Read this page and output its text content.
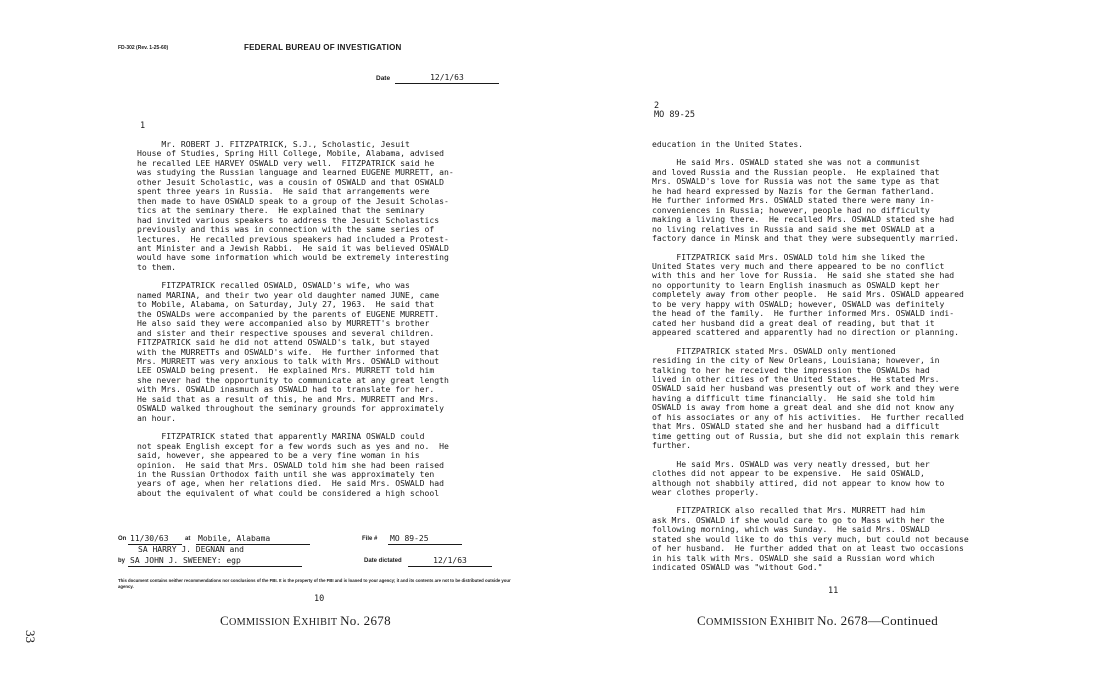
FD-302 (Rev. 1-25-60)	FEDERAL BUREAU OF INVESTIGATION
Date	12/1/63
1
Mr. ROBERT J. FITZPATRICK, S.J., Scholastic, Jesuit
House of Studies, Spring Hill College, Mobile, Alabama, advised
he recalled LEE HARVEY OSWALD very well.  FITZPATRICK said he
was studying the Russian language and learned EUGENE MURRETT, an-
other Jesuit Scholastic, was a cousin of OSWALD and that OSWALD
spent three years in Russia.  He said that arrangements were
then made to have OSWALD speak to a group of the Jesuit Scholas-
tics at the seminary there.  He explained that the seminary
had invited various speakers to address the Jesuit Scholastics
previously and this was in connection with the same series of
lectures.  He recalled previous speakers had included a Protest-
ant Minister and a Jewish Rabbi.  He said it was believed OSWALD
would have some information which would be extremely interesting
to them.
FITZPATRICK recalled OSWALD, OSWALD's wife, who was
named MARINA, and their two year old daughter named JUNE, came
to Mobile, Alabama, on Saturday, July 27, 1963.  He said that
the OSWALDs were accompanied by the parents of EUGENE MURRETT.
He also said they were accompanied also by MURRETT's brother
and sister and their respective spouses and several children.
FITZPATRICK said he did not attend OSWALD's talk, but stayed
with the MURRETTs and OSWALD's wife.  He further informed that
Mrs. MURRETT was very anxious to talk with Mrs. OSWALD without
LEE OSWALD being present.  He explained Mrs. MURRETT told him
she never had the opportunity to communicate at any great length
with Mrs. OSWALD inasmuch as OSWALD had to translate for her.
He said that as a result of this, he and Mrs. MURRETT and Mrs.
OSWALD walked throughout the seminary grounds for approximately
an hour.
FITZPATRICK stated that apparently MARINA OSWALD could
not speak English except for a few words such as yes and no.  He
said, however, she appeared to be a very fine woman in his
opinion.  He said that Mrs. OSWALD told him she had been raised
in the Russian Orthodox faith until she was approximately ten
years of age, when her relations died.  He said Mrs. OSWALD had
about the equivalent of what could be considered a high school
On 11/30/63	at Mobile, Alabama	File # MO 89-25
SA HARRY J. DEGNAN and
by SA JOHN J. SWEENEY: egp	Date dictated	12/1/63
This document contains neither recommendations nor conclusions of the FBI. It is the property of the FBI and is loaned to your agency; it and its contents are not to be distributed outside your agency.
10
COMMISSION EXHIBIT No. 2678
2
MO 89-25
education in the United States.
He said Mrs. OSWALD stated she was not a communist
and loved Russia and the Russian people.  He explained that
Mrs. OSWALD's love for Russia was not the same type as that
he had heard expressed by Nazis for the German fatherland.
He further informed Mrs. OSWALD stated there were many in-
conveniences in Russia; however, people had no difficulty
making a living there.  He recalled Mrs. OSWALD stated she had
no living relatives in Russia and said she met OSWALD at a
factory dance in Minsk and that they were subsequently married.
FITZPATRICK said Mrs. OSWALD told him she liked the
United States very much and there appeared to be no conflict
with this and her love for Russia.  He said she stated she had
no opportunity to learn English inasmuch as OSWALD kept her
completely away from other people.  He said Mrs. OSWALD appeared
to be very happy with OSWALD; however, OSWALD was definitely
the head of the family.  He further informed Mrs. OSWALD indi-
cated her husband did a great deal of reading, but that it
appeared scattered and apparently had no direction or planning.
FITZPATRICK stated Mrs. OSWALD only mentioned
residing in the city of New Orleans, Louisiana; however, in
talking to her he received the impression the OSWALDs had
lived in other cities of the United States.  He stated Mrs.
OSWALD said her husband was presently out of work and they were
having a difficult time financially.  He said she told him
OSWALD is away from home a great deal and she did not know any
of his associates or any of his activities.  He further recalled
that Mrs. OSWALD stated she and her husband had a difficult
time getting out of Russia, but she did not explain this remark
further.
He said Mrs. OSWALD was very neatly dressed, but her
clothes did not appear to be expensive.  He said OSWALD,
although not shabbily attired, did not appear to know how to
wear clothes properly.
FITZPATRICK also recalled that Mrs. MURRETT had him
ask Mrs. OSWALD if she would care to go to Mass with her the
following morning, which was Sunday.  He said Mrs. OSWALD
stated she would like to do this very much, but could not because
of her husband.  He further added that on at least two occasions
in his talk with Mrs. OSWALD she said a Russian word which
indicated OSWALD was "without God."
11
COMMISSION EXHIBIT No. 2678—Continued
33
